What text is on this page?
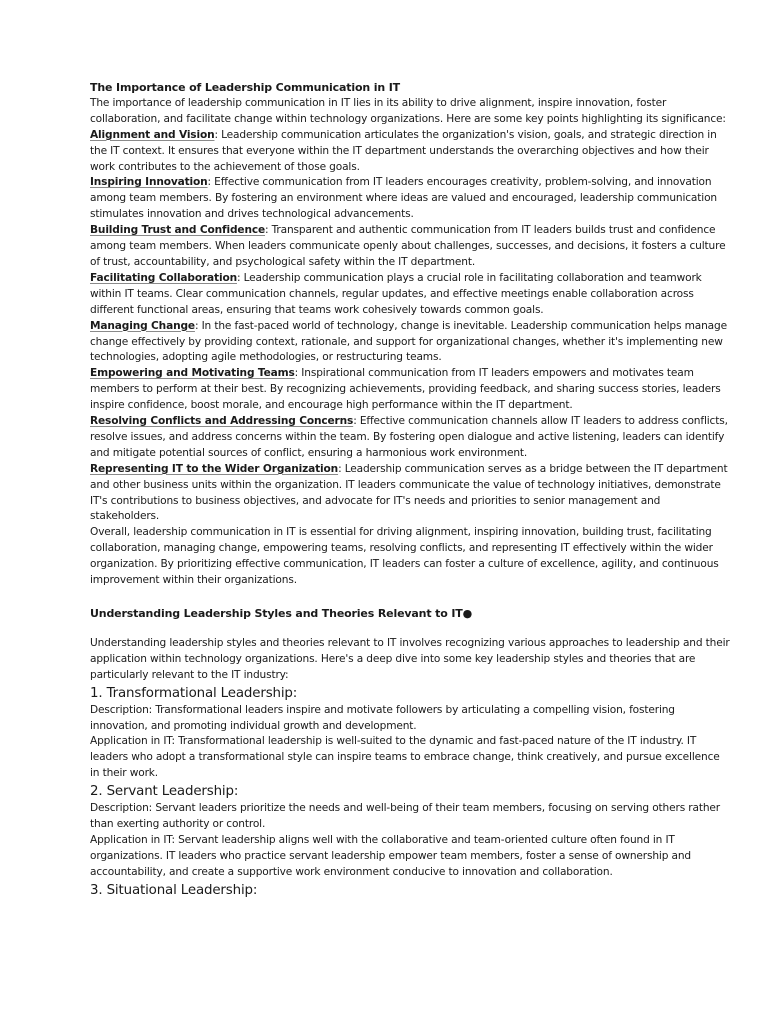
The Importance of Leadership Communication in IT

The importance of leadership communication in IT lies in its ability to drive alignment, inspire innovation, foster collaboration, and facilitate change within technology organizations. Here are some key points highlighting its significance:

Alignment and Vision: Leadership communication articulates the organization's vision, goals, and strategic direction in the IT context. It ensures that everyone within the IT department understands the overarching objectives and how their work contributes to the achievement of those goals.

Inspiring Innovation: Effective communication from IT leaders encourages creativity, problem-solving, and innovation among team members. By fostering an environment where ideas are valued and encouraged, leadership communication stimulates innovation and drives technological advancements.

Building Trust and Confidence: Transparent and authentic communication from IT leaders builds trust and confidence among team members. When leaders communicate openly about challenges, successes, and decisions, it fosters a culture of trust, accountability, and psychological safety within the IT department.

Facilitating Collaboration: Leadership communication plays a crucial role in facilitating collaboration and teamwork within IT teams. Clear communication channels, regular updates, and effective meetings enable collaboration across different functional areas, ensuring that teams work cohesively towards common goals.

Managing Change: In the fast-paced world of technology, change is inevitable. Leadership communication helps manage change effectively by providing context, rationale, and support for organizational changes, whether it's implementing new technologies, adopting agile methodologies, or restructuring teams.

Empowering and Motivating Teams: Inspirational communication from IT leaders empowers and motivates team members to perform at their best. By recognizing achievements, providing feedback, and sharing success stories, leaders inspire confidence, boost morale, and encourage high performance within the IT department.

Resolving Conflicts and Addressing Concerns: Effective communication channels allow IT leaders to address conflicts, resolve issues, and address concerns within the team. By fostering open dialogue and active listening, leaders can identify and mitigate potential sources of conflict, ensuring a harmonious work environment.

Representing IT to the Wider Organization: Leadership communication serves as a bridge between the IT department and other business units within the organization. IT leaders communicate the value of technology initiatives, demonstrate IT's contributions to business objectives, and advocate for IT's needs and priorities to senior management and stakeholders.

Overall, leadership communication in IT is essential for driving alignment, inspiring innovation, building trust, facilitating collaboration, managing change, empowering teams, resolving conflicts, and representing IT effectively within the wider organization. By prioritizing effective communication, IT leaders can foster a culture of excellence, agility, and continuous improvement within their organizations.

Understanding Leadership Styles and Theories Relevant to IT●

Understanding leadership styles and theories relevant to IT involves recognizing various approaches to leadership and their application within technology organizations. Here's a deep dive into some key leadership styles and theories that are particularly relevant to the IT industry:

1. Transformational Leadership:

Description: Transformational leaders inspire and motivate followers by articulating a compelling vision, fostering innovation, and promoting individual growth and development.

Application in IT: Transformational leadership is well-suited to the dynamic and fast-paced nature of the IT industry. IT leaders who adopt a transformational style can inspire teams to embrace change, think creatively, and pursue excellence in their work.

2. Servant Leadership:

Description: Servant leaders prioritize the needs and well-being of their team members, focusing on serving others rather than exerting authority or control.

Application in IT: Servant leadership aligns well with the collaborative and team-oriented culture often found in IT organizations. IT leaders who practice servant leadership empower team members, foster a sense of ownership and accountability, and create a supportive work environment conducive to innovation and collaboration.

3. Situational Leadership:
